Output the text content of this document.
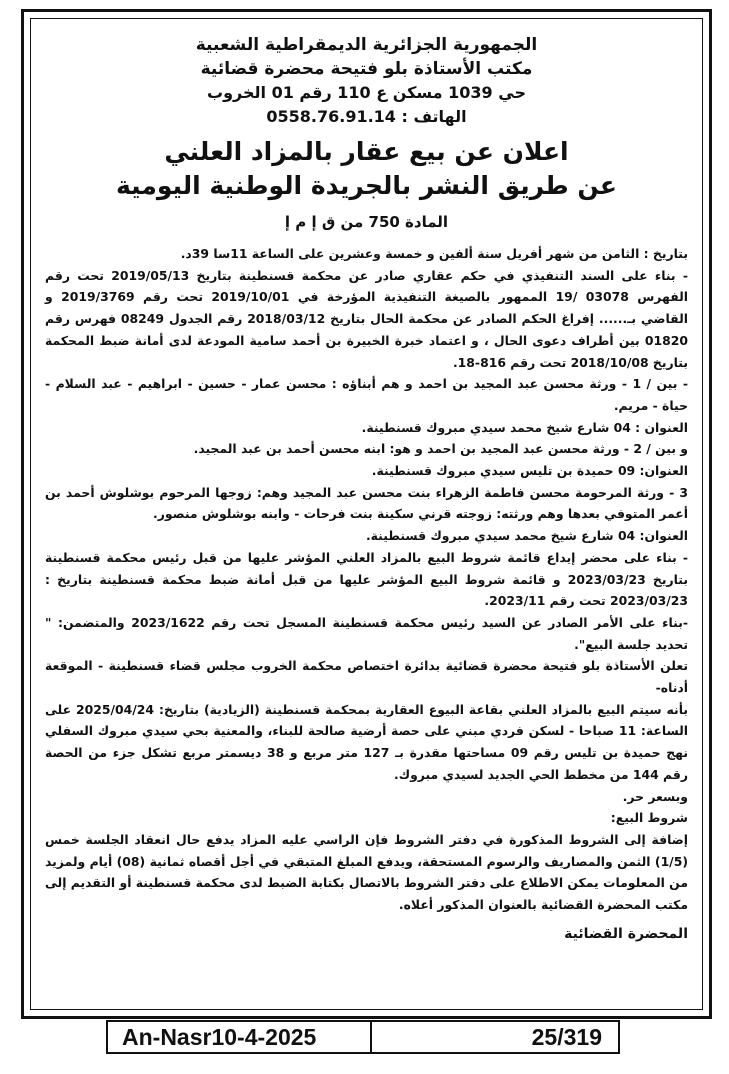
الجمهورية الجزائرية الديمقراطية الشعبية
مكتب الأستاذة بلو فتيحة محضرة قضائية
حي 1039 مسكن ع 110 رقم 01 الخروب
الهاتف : 0558.76.91.14
اعلان عن بيع عقار بالمزاد العلني
عن طريق النشر بالجريدة الوطنية اليومية
المادة 750 من ق إ م إ

بتاريخ : الثامن من شهر أفريل سنة ألفين و خمسة وعشرين على الساعة 11سا 39د.

- بناء على السند التنفيذي في حكم عقاري صادر عن محكمة قسنطينة بتاريخ 2019/05/13 تحت رقم الفهرس 03078 /19 الممهور بالصيغة التنفيذية المؤرخة في 2019/10/01 تحت رقم 2019/3769 و القاضي بـ...... إفراغ الحكم الصادر عن محكمة الحال بتاريخ 2018/03/12 رقم الجدول 08249 فهرس رقم 01820 بين أطراف دعوى الحال ، و اعتماد خبرة الخبيرة بن أحمد سامية المودعة لدى أمانة ضبط المحكمة بتاريخ 2018/10/08 تحت رقم 816-18.

- بين / 1 - ورثة محسن عبد المجيد بن احمد و هم أبناؤه : محسن عمار - حسين - ابراهيم - عبد السلام - حياة - مريم.

العنوان : 04 شارع شيخ محمد سيدي مبروك قسنطينة.

و بين / 2 - ورثة محسن عبد المجيد بن احمد و هو: ابنه محسن أحمد بن عبد المجيد.

العنوان: 09 حميدة بن تليس سيدي مبروك قسنطينة.

3 - ورثة المرحومة محسن فاطمة الزهراء بنت محسن عبد المجيد وهم: زوجها المرحوم بوشلوش أحمد بن أعمر المتوفي بعدها وهم ورثته: زوجته قرني سكينة بنت فرحات - وابنه بوشلوش منصور.

العنوان: 04 شارع شيخ محمد سيدي مبروك قسنطينة.

- بناء على محضر إيداع قائمة شروط البيع بالمزاد العلني المؤشر عليها من قبل رئيس محكمة قسنطينة بتاريخ 2023/03/23 و قائمة شروط البيع المؤشر عليها من قبل أمانة ضبط محكمة قسنطينة بتاريخ : 2023/03/23 تحت رقم 2023/11.

-بناء على الأمر الصادر عن السيد رئيس محكمة قسنطينة المسجل تحت رقم 2023/1622 والمتضمن: " تحديد جلسة البيع".

تعلن الأستاذة بلو فتيحة محضرة قضائية بدائرة اختصاص محكمة الخروب مجلس قضاء قسنطينة - الموقعة أدناه-

بأنه سيتم البيع بالمزاد العلني بقاعة البيوع العقارية بمحكمة قسنطينة (الزيادية) بتاريخ: 2025/04/24 على الساعة: 11 صباحا - لسكن فردي مبني على حصة أرضية صالحة للبناء، والمعنية بحي سيدي مبروك السفلي نهج حميدة بن تليس رقم 09 مساحتها مقدرة بـ 127 متر مربع و 38 ديسمتر مربع تشكل جزء من الحصة رقم 144 من مخطط الحي الجديد لسيدي مبروك.

وبسعر حر.

شروط البيع:

إضافة إلى الشروط المذكورة في دفتر الشروط فإن الراسي عليه المزاد يدفع حال انعقاد الجلسة خمس (1/5) الثمن والمصاريف والرسوم المستحقة، ويدفع المبلغ المتبقي في أجل أقصاه ثمانية (08) أيام ولمزيد من المعلومات يمكن الاطلاع على دفتر الشروط بالاتصال بكتابة الضبط لدى محكمة قسنطينة أو التقديم إلى مكتب المحضرة القضائية بالعنوان المذكور أعلاه.

المحضرة القضائية
An-Nasr10-4-2025	25/319
